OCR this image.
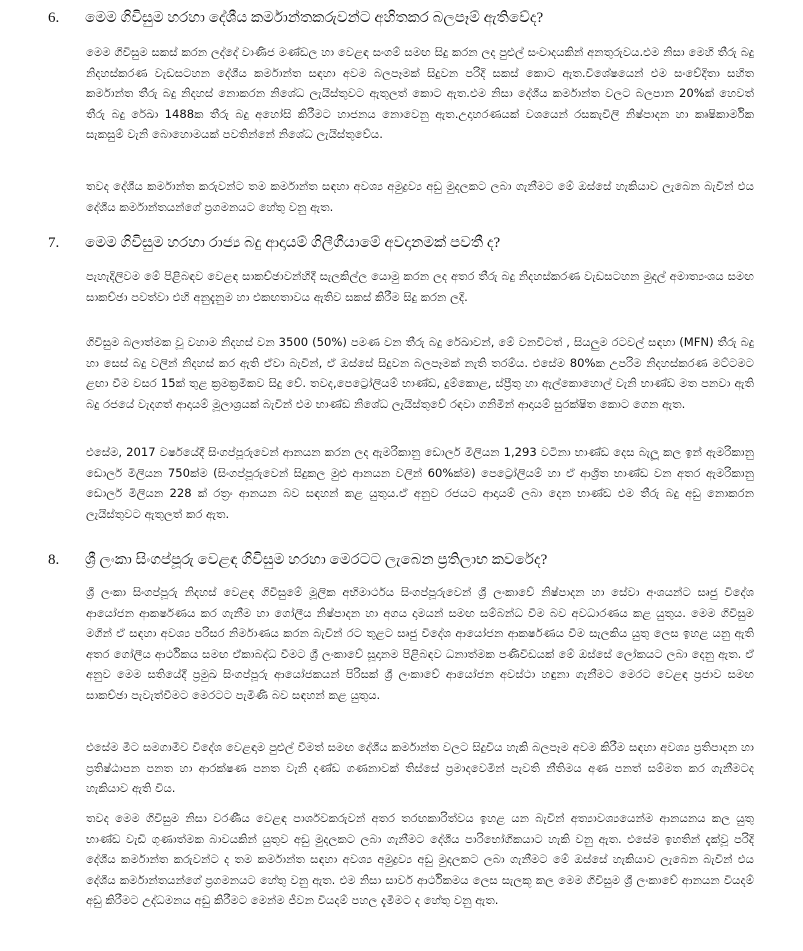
6. මෙම ගිවිසුම හරහා දේශීය කර්මාන්තකරුවන්ට අහිතකර බලපෑම් ඇතිවේද?

මෙම ගිවිසුම සකස් කරන ලද්දේ වාණිජ මණ්ඩල හා වෙළඳ සංගම් සමඟ සිදු කරන ලද පුළුල් සංවාදයකින් අනතුරුවය.එම නිසා මෙහි තීරු බදු නිදහස්කරණ වැඩසටහන දේශීය කර්මාන්ත සඳහා අවම බලපෑමක් සිදුවන පරිදි සකස් කොට ඇත.විශේෂයෙන් එම සංවේදිතා සහිත කර්මාන්ත තීරු බදු නිදහස් නොකරන නිශේධ ලැයිස්තුවට ඇතුලත් කොට ඇත.එම නිසා දේශීය කර්මාන්ත වලට බලපාන 20%ක් හෙවත් තීරු බදු රේඛා 1488ක තීරු බදු අහෝසි කිරීමට හාජනය නොවෙනු ඇත.උදාහරණයක් වශයෙන් රසකැවිලි නිෂ්පාදන හා කෘෂිකාර්මික සැකසුම් වැනි බොහොමයක් පවතින්නේ නිශේධ ලැයිස්තුවේය.

තවද දේශීය කර්මාන්ත කරුවන්ට තම කර්මාන්ත සඳහා අවශ්‍ය අමුද්‍රව්‍ය අඩු මුදලකට ලබා ගැනීමට මේ ඔස්සේ හැකියාව ලැබෙන බැවින් එය දේශීය කර්මාන්තයන්ගේ ප්‍රගමනයට හේතු වනු ඇත.

7. මෙම ගිවිසුම හරහා රාජ්‍ය බදු ආදායම් ගිලීගීයාමේ අවදානමක් පවතී ද?

පැහැදිලිවම මේ පිළිබඳව වෙළඳ සාකච්ඡාවන්හිදී සැලකිල්ල යොමු කරන ලද අතර තීරු බදු නිදහස්කරණ වැඩසටහන මුදල් අමාත්‍යංශය සමඟ සාකච්ඡා පවත්වා එහි අනුදැනුම හා එකඟතාවය ඇතිව සකස් කිරීම සිදු කරන ලදි.

ගිවිසුම බලාත්මක වූ වහාම නිදහස් වන 3500 (50%) පමණ වන තීරු බදු රේඛාවන්, මේ වනවිටත් , සියලුම රටවල් සඳහා (MFN) තීරු බදු හා සෙස් බදු වලින් නිදහස් කර ඇති ඒවා බැවින්, ඒ ඔස්සේ සිදුවන බලපෑමක් නැති තරම්ය. එසේම 80%ක උපරිම නිදහස්කරණ මට්ටමට ළඟා වීම වසර 15ක් තුළ ක්‍රමක්‍රමිකව සිදු වේ. තවද,පෙට්‍රෝලියම් භාණ්ඩ, දුම්කොළ, ස්ප්‍රීතු හා ඇල්කොහොල් වැනි භාණ්ඩ මත පනවා ඇති බදු රජයේ වැදගත් ආදායම් මූලාශ්‍රයක් බැවින් එම භාණ්ඩ නිශේධ ලැයිස්තුවේ රඳවා ගනිමින් ආදායම් සුරක්ෂිත කොට ගෙන ඇත.

එසේම, 2017 වර්ෂයේදී සිංගප්පූරුවෙන් ආනයන කරන ලද ඇමරිකානු ඩොලර් මිලියන 1,293 වටිනා භාණ්ඩ දෙස බැලූ කල ඉන් ඇමරිකානු ඩොලර් මිලියන 750ක්ම (සිංගප්පූරුවෙන් සිදුකල මුළු ආනයන වලින් 60%ක්ම) පෙට්‍රෝලියම් හා ඒ ආශ්‍රිත භාණ්ඩ වන අතර ඇමරිකානු ඩොලර් මිලියන 228 ක් රත්‍රං ආනයන බව සඳහන් කළ යුතුය.ඒ අනුව රජයට ආදායම් ලබා දෙන භාණ්ඩ එම තීරු බදු අඩු නොකරන ලැයිස්තුවට ඇතුලත් කර ඇත.

8. ශ්‍රී ලංකා සිංගප්පූරු වෙළඳ ගිවිසුම හරහා මෙරටට ලැබෙන ප්‍රතිලාභ කවරේද?

ශ්‍රී ලංකා සිංගප්පූරු නිදහස් වෙළඳ ගිවිසුමේ මූලික අභිමාර්ථය සිංගප්පූරුවෙන් ශ්‍රී ලංකාවේ නිෂ්පාදන හා සේවා අංශයන්ට සෘජු විදේශ ආයෝජන ආකර්ෂණය කර ගැනීම හා ගෝලීය නිෂ්පාදන හා අගය දාමයන් සමඟ සම්බන්ධ වීම බව අවධාරණය කළ යුතුය. මෙම ගිවිසුම මගින් ඒ සඳහා අවශ්‍ය පරිසර නිර්මාණය කරන බැවින් රට තුළට සෘජු විදේශ ආයෝජන ආකර්ෂණය වීම සැලකිය යුතු ලෙස ඉහළ යනු ඇති අතර ගෝලීය ආර්ථිකය සමඟ ඒකාබද්ධ වීමට ශ්‍රී ලංකාවේ සූදානම පිළිබඳව ධනාත්මක පණිවිඩයක් මේ ඔස්සේ ලෝකයට ලබා දෙනු ඇත. ඒ අනුව මෙම සතියේදී ප්‍රමුඛ සිංගප්පූරු ආයෝජකයන් පිරිසක් ශ්‍රී ලංකාවේ ආයෝජන අවස්ථා හඳුනා ගැනීමට මෙරට වෙළඳ ප්‍රජාව සමඟ සාකච්ඡා පැවැත්වීමට මෙරටට පැමිණි බව සඳහන් කළ යුතුය.

එසේම මීට සමගාමීව විදේශ වෙළඳාම පුළුල් වීමත් සමඟ දේශීය කර්මාන්ත වලට සිදුවිය හැකි බලපෑම අවම කිරීම සඳහා අවශ්‍ය ප්‍රතිපාදන හා ප්‍රතිෂ්ඨාපන පනත හා ආරක්ෂණ පනත වැනි දණ්ඩ ගණනාවක් තිස්සේ ප්‍රමාදවෙමින් පැවති නීතිමය අණ පනත් සම්මත කර ගැනීමටද හැකියාව ඇති විය.

තවද මෙම ගිවිසුම නිසා වරණීය වෙළඳ පාර්ශවකරුවන් අතර තරඟකාරිත්වය ඉහළ යන බැවින් අත්‍යාවශ්‍යයෙන්ම ආනයනය කල යුතු භාණ්ඩ වැඩි ගුණාත්මක බාවයකින් යුතුව අඩු මුදලකට ලබා ගැනීමට දේශීය පාරිභෝගිකයාට හැකි වනු ඇත. එසේම ඉහතින් දැක්වූ පරිදි දේශීය කර්මාන්ත කරුවන්ට ද තම කර්මාන්ත සඳහා අවශ්‍ය අමුද්‍රව්‍ය අඩු මුදලකට ලබා ගැනීමට මේ ඔස්සේ හැකියාව ලැබෙන බැවින් එය දේශීය කර්මාන්තයන්ගේ ප්‍රගමනයට හේතු වනු ඇත. එම නිසා සාර්ව ආර්ථිකමය ලෙස සැලකූ කල මෙම ගිවිසුම ශ්‍රී ලංකාවේ ආනයන වියදම් අඩු කිරීමට උද්ධමනය අඩු කිරීමට මෙන්ම ජීවන වියදම් පහල දැමීමට ද හේතු වනු ඇත.
